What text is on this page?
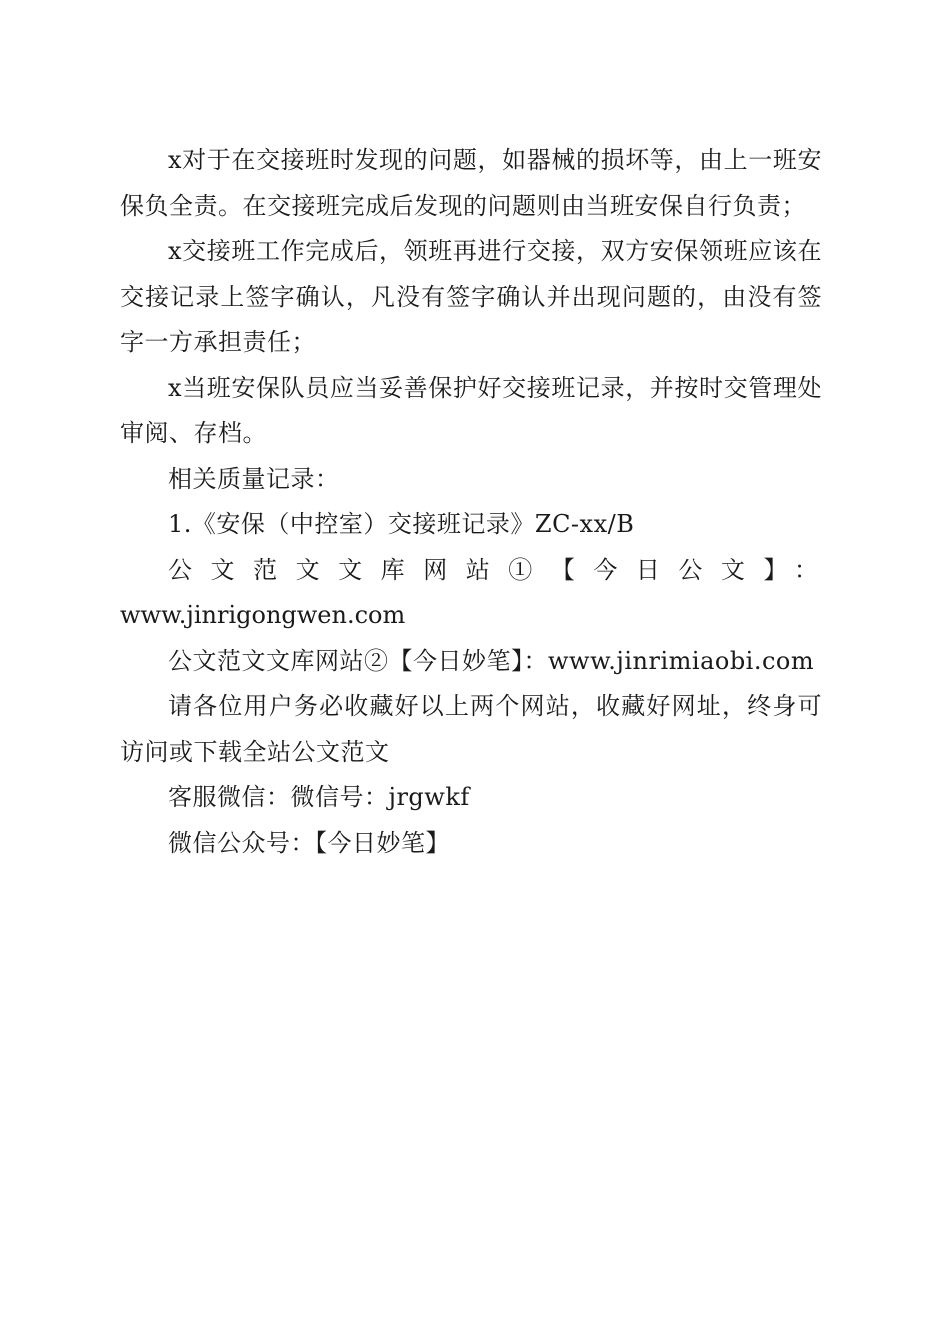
x对于在交接班时发现的问题，如器械的损坏等，由上一班安保负全责。在交接班完成后发现的问题则由当班安保自行负责；

x交接班工作完成后，领班再进行交接，双方安保领班应该在交接记录上签字确认，凡没有签字确认并出现问题的，由没有签字一方承担责任；

x当班安保队员应当妥善保护好交接班记录，并按时交管理处审阅、存档。

相关质量记录：

1.《安保（中控室）交接班记录》ZC-xx/B

公文范文文库网站①【今日公文】：

www.jinrigongwen.com

公文范文文库网站②【今日妙笔】：www.jinrimiaobi.com

请各位用户务必收藏好以上两个网站，收藏好网址，终身可访问或下载全站公文范文

客服微信：微信号：jrgwkf

微信公众号：【今日妙笔】
